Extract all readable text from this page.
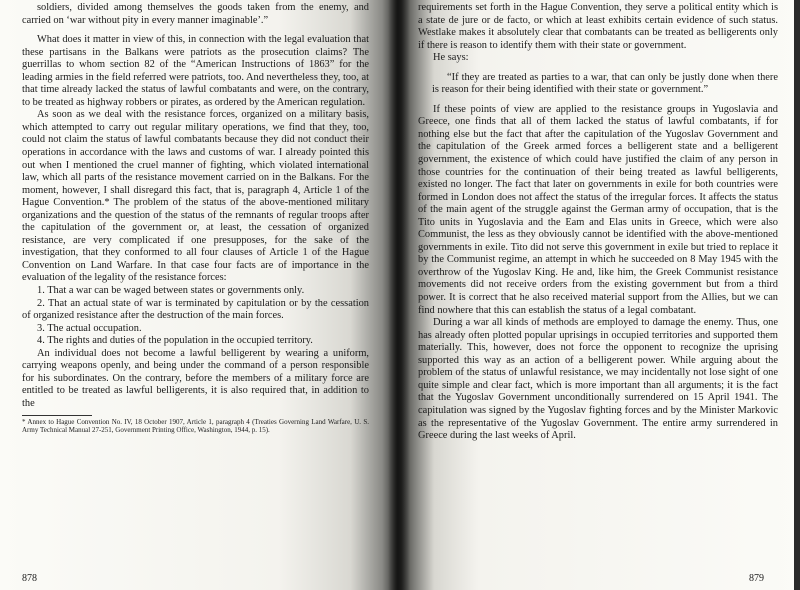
soldiers, divided among themselves the goods taken from the enemy, and carried on ‘war without pity in every manner imaginable’.”

What does it matter in view of this, in connection with the legal evaluation that these partisans in the Balkans were patriots as the prosecution claims? The guerrillas to whom section 82 of the “American Instructions of 1863” for the leading armies in the field referred were patriots, too. And nevertheless they, too, at that time already lacked the status of lawful combatants and were, on the contrary, to be treated as highway robbers or pirates, as ordered by the American regulation.

As soon as we deal with the resistance forces, organized on a military basis, which attempted to carry out regular military operations, we find that they, too, could not claim the status of lawful combatants because they did not conduct their operations in accordance with the laws and customs of war. I already pointed this out when I mentioned the cruel manner of fighting, which violated international law, which all parts of the resistance movement carried on in the Balkans. For the moment, however, I shall disregard this fact, that is, paragraph 4, Article 1 of the Hague Convention.* The problem of the status of the above-mentioned military organizations and the question of the status of the remnants of regular troops after the capitulation of the government or, at least, the cessation of organized resistance, are very complicated if one presupposes, for the sake of the investigation, that they conformed to all four clauses of Article 1 of the Hague Convention on Land Warfare. In that case four facts are of importance in the evaluation of the legality of the resistance forces:

1. That a war can be waged between states or governments only.

2. That an actual state of war is terminated by capitulation or by the cessation of organized resistance after the destruction of the main forces.

3. The actual occupation.

4. The rights and duties of the population in the occupied territory.

An individual does not become a lawful belligerent by wearing a uniform, carrying weapons openly, and being under the command of a person responsible for his subordinates. On the contrary, before the members of a military force are entitled to be treated as lawful belligerents, it is also required that, in addition to the

* Annex to Hague Convention No. IV, 18 October 1907, Article 1, paragraph 4 (Treaties Governing Land Warfare, U. S. Army Technical Manual 27-251, Government Printing Office, Washington, 1944, p. 15).

878

requirements set forth in the Hague Convention, they serve a political entity which is a state de jure or de facto, or which at least exhibits certain evidence of such status. Westlake makes it absolutely clear that combatants can be treated as belligerents only if there is reason to identify them with their state or government.

He says:

“If they are treated as parties to a war, that can only be justly done when there is reason for their being identified with their state or government.”

If these points of view are applied to the resistance groups in Yugoslavia and Greece, one finds that all of them lacked the status of lawful combatants, if for nothing else but the fact that after the capitulation of the Yugoslav Government and the capitulation of the Greek armed forces a belligerent state and a belligerent government, the existence of which could have justified the claim of any person in those countries for the continuation of their being treated as lawful belligerents, existed no longer. The fact that later on governments in exile for both countries were formed in London does not affect the status of the irregular forces. It affects the status of the main agent of the struggle against the German army of occupation, that is the Tito units in Yugoslavia and the Eam and Elas units in Greece, which were also Communist, the less as they obviously cannot be identified with the above-mentioned governments in exile. Tito did not serve this government in exile but tried to replace it by the Communist regime, an attempt in which he succeeded on 8 May 1945 with the overthrow of the Yugoslav King. He and, like him, the Greek Communist resistance movements did not receive orders from the existing government but from a third power. It is correct that he also received material support from the Allies, but we can find nowhere that this can establish the status of a legal combatant.

During a war all kinds of methods are employed to damage the enemy. Thus, one has already often plotted popular uprisings in occupied territories and supported them materially. This, however, does not force the opponent to recognize the uprising supported this way as an action of a belligerent power. While arguing about the problem of the status of unlawful resistance, we may incidentally not lose sight of one quite simple and clear fact, which is more important than all arguments; it is the fact that the Yugoslav Government unconditionally surrendered on 15 April 1941. The capitulation was signed by the Yugoslav fighting forces and by the Minister Markovic as the representative of the Yugoslav Government. The entire army surrendered in Greece during the last weeks of April.

879
